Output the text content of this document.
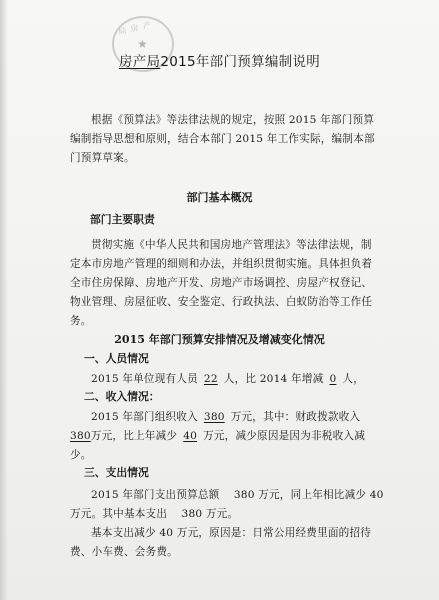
局 房 产
★
房产局2015年部门预算编制说明
根据《预算法》等法律法规的规定，按照 2015 年部门预算
编制指导思想和原则，结合本部门 2015 年工作实际，编制本部
门预算草案。
部门基本概况
部门主要职责
贯彻实施《中华人民共和国房地产管理法》等法律法规，制
定本市房地产管理的细则和办法，并组织贯彻实施。具体担负着
全市住房保障、房地产开发、房地产市场调控、房屋产权登记、
物业管理、房屋征收、安全鉴定、行政执法、白蚁防治等工作任
务。
2015 年部门预算安排情况及增减变化情况
一、人员情况
2015 年单位现有人员 22 人，比 2014 年增减 0 人，
二、收入情况：
2015 年部门组织收入 380 万元，其中：财政拨款收入
380万元，比上年减少 40 万元，减少原因是因为非税收入减
少。
三、支出情况
2015 年部门支出预算总额　 380 万元，同上年相比减少 40
万元。其中基本支出　 380 万元。
基本支出减少 40 万元，原因是：日常公用经费里面的招待
费、小车费、会务费。
